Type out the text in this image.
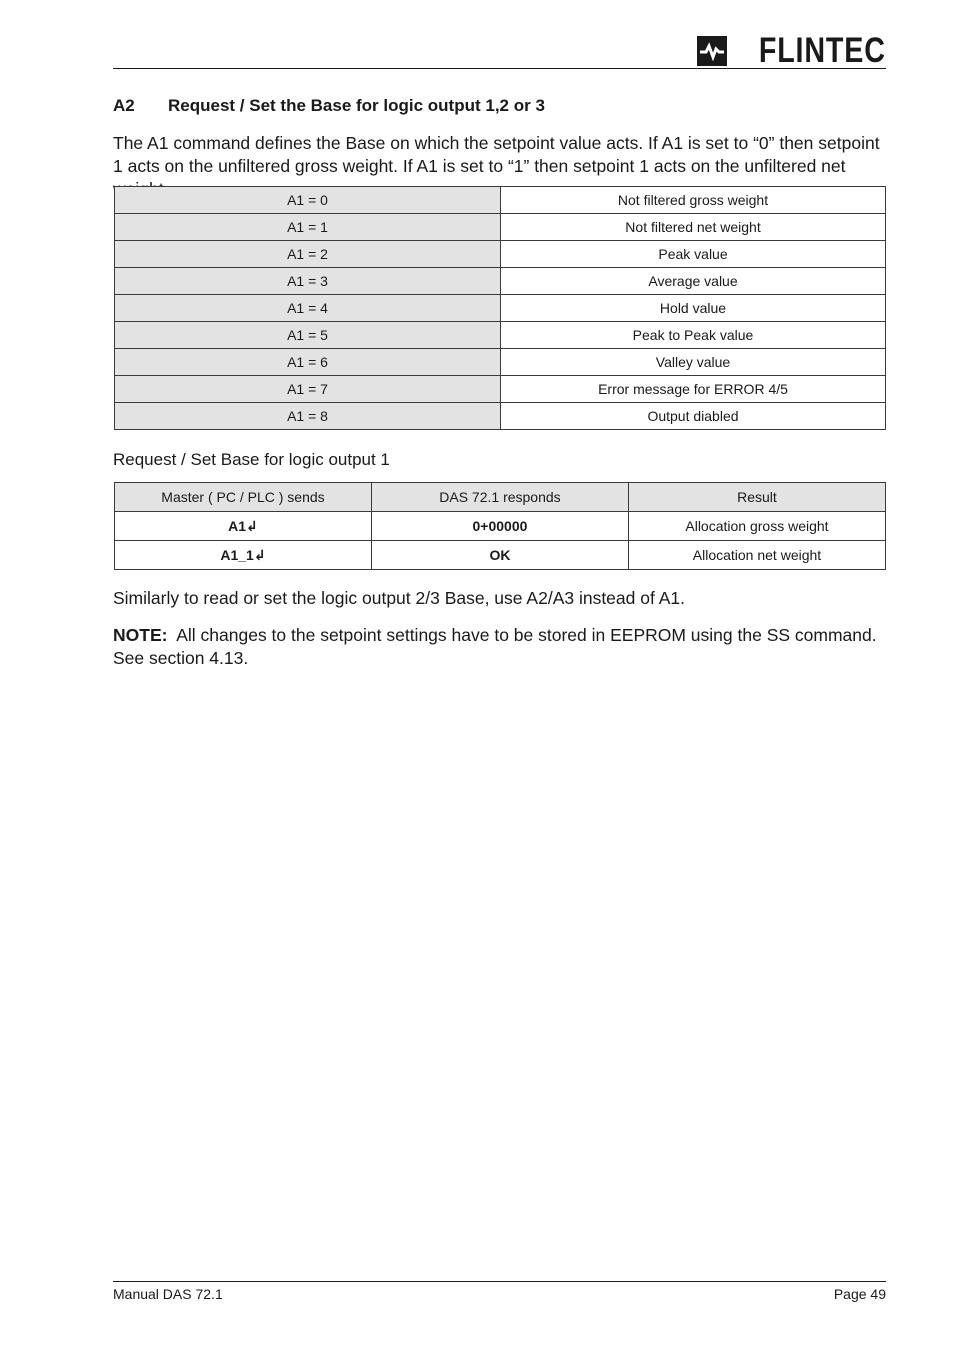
FLINTEC
A2	Request / Set the Base for logic output 1,2 or 3

The A1 command defines the Base on which the setpoint value acts. If A1 is set to “0” then setpoint 1 acts on the unfiltered gross weight. If A1 is set to “1” then setpoint 1 acts on the unfiltered net

A1 = 0	Not filtered gross weight
A1 = 1	Not filtered net weight
A1 = 2	Peak value
A1 = 3	Average value
A1 = 4	Hold value
A1 = 5	Peak to Peak value
A1 = 6	Valley value
A1 = 7	Error message for ERROR 4/5
A1 = 8	Output diabled

Request / Set Base for logic output 1

Master ( PC / PLC ) sends	DAS 72.1 responds	Result
A1↲	0+00000	Allocation gross weight
A1_1↲	OK	Allocation net weight

Similarly to read or set the logic output 2/3 Base, use A2/A3 instead of A1.

NOTE: All changes to the setpoint settings have to be stored in EEPROM using the SS command. See section 4.13.

Manual DAS 72.1	Page 49
